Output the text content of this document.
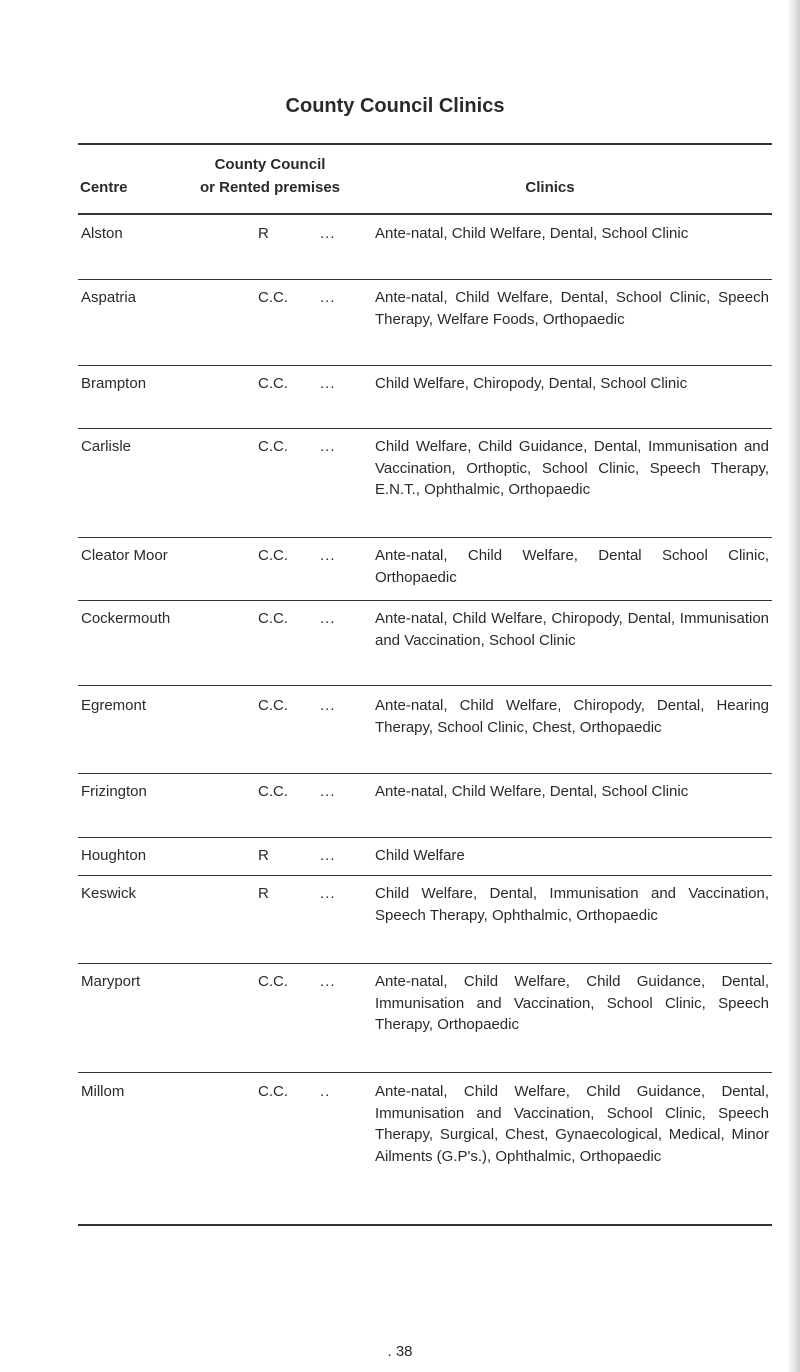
County Council Clinics
Centre
County Council
or Rented premises	Clinics
Alston	R	...	Ante-natal, Child Welfare, Dental, School Clinic
Aspatria	C.C. ...	Ante-natal, Child Welfare, Dental, School Clinic, Speech Therapy, Welfare Foods, Orthopaedic
Brampton	C.C. ...	Child Welfare, Chiropody, Dental, School Clinic
Carlisle	C.C. ...	Child Welfare, Child Guidance, Dental, Immunisation and Vaccination, Orthoptic, School Clinic, Speech Therapy, E.N.T., Ophthalmic, Orthopaedic
Cleator Moor	C.C. ...	Ante-natal, Child Welfare, Dental School Clinic, Orthopaedic
Cockermouth	C.C. ...	Ante-natal, Child Welfare, Chiropody, Dental, Immunisation and Vaccination, School Clinic
Egremont	C.C. ...	Ante-natal, Child Welfare, Chiropody, Dental, Hearing Therapy, School Clinic, Chest, Orthopaedic
Frizington	C.C. ...	Ante-natal, Child Welfare, Dental, School Clinic
Houghton	R	...	Child Welfare
Keswick	R	...	Child Welfare, Dental, Immunisation and Vaccination, Speech Therapy, Ophthalmic, Orthopaedic
Maryport	C.C. ...	Ante-natal, Child Welfare, Child Guidance, Dental, Immunisation and Vaccination, School Clinic, Speech Therapy, Orthopaedic
Millom	C.C. ..	Ante-natal, Child Welfare, Child Guidance, Dental, Immunisation and Vaccination, School Clinic, Speech Therapy, Surgical, Chest, Gynaecological, Medical, Minor Ailments (G.P's.), Ophthalmic, Orthopaedic
. 38
